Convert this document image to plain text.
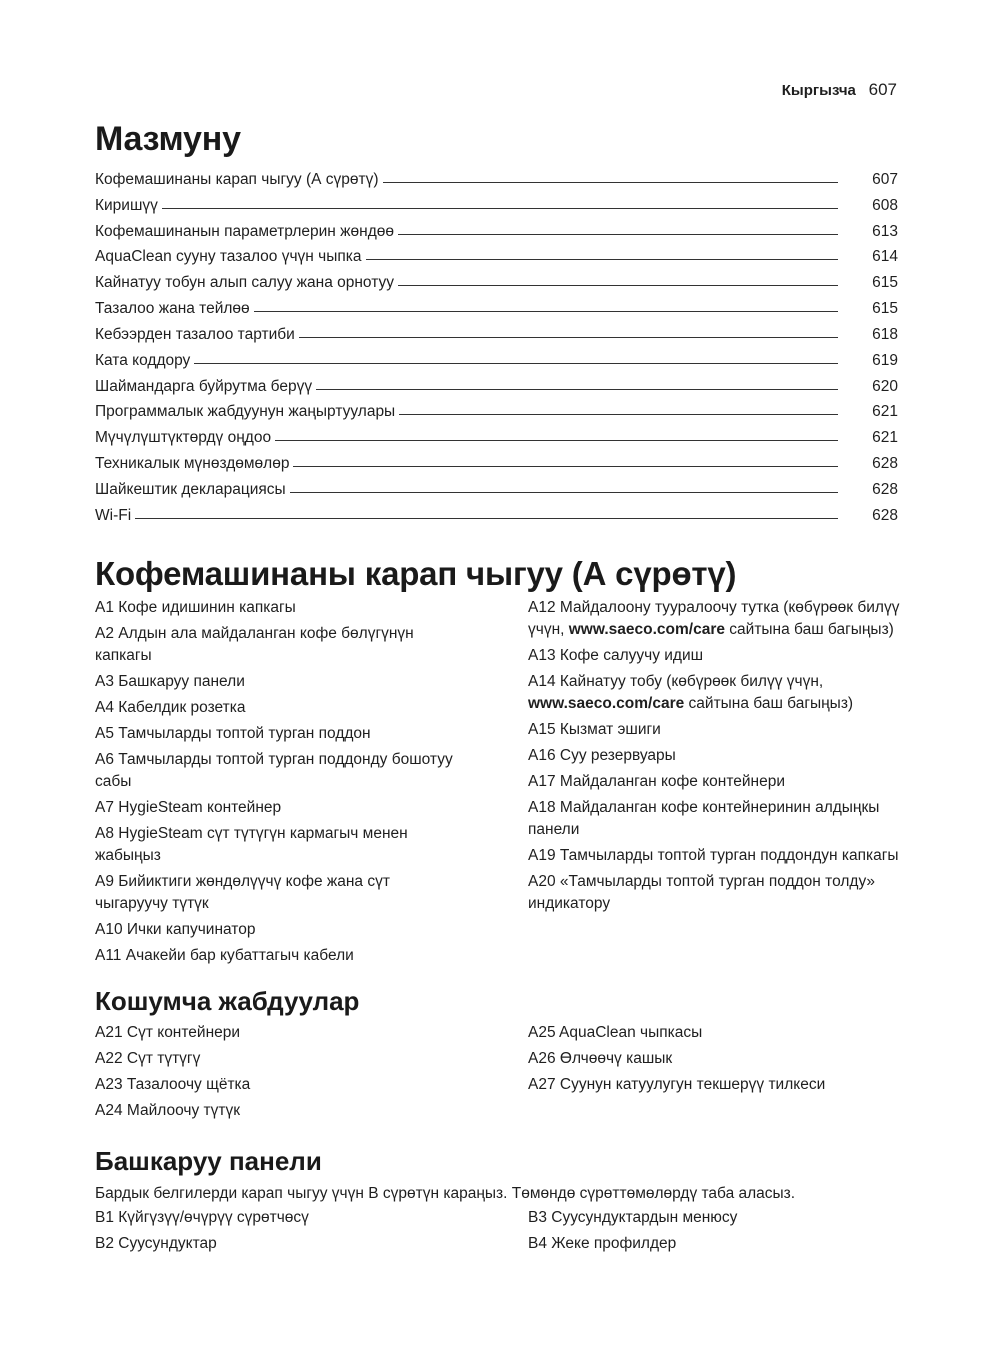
Кыргызча 607
Мазмуну
Кофемашинаны карап чыгуу (А сүрөтү)	607
Киришүү	608
Кофемашинанын параметрлерин жөндөө	613
AquaClean сууну тазалоо үчүн чыпка	614
Кайнатуу тобун алып салуу жана орнотуу	615
Тазалоо жана тейлөө	615
Кебээрден тазалоо тартиби	618
Ката коддору	619
Шаймандарга буйрутма берүү	620
Программалык жабдуунун жаңыртуулары	621
Мүчүлүштүктөрдү оңдоо	621
Техникалык мүнөздөмөлөр	628
Шайкештик декларациясы	628
Wi-Fi	628
Кофемашинаны карап чыгуу (А сүрөтү)
A1 Кофе идишинин капкагы
A2 Алдын ала майдаланган кофе бөлүгүнүн капкагы
A3 Башкаруу панели
A4 Кабелдик розетка
A5 Тамчыларды топтой турган поддон
A6 Тамчыларды топтой турган поддонду бошотуу сабы
A7 HygieSteam контейнер
A8 HygieSteam сүт түтүгүн кармагыч менен жабыңыз
A9 Бийиктиги жөндөлүүчү кофе жана сүт чыгаруучу түтүк
A10 Ички капучинатор
A11 Ачакейи бар кубаттагыч кабели
A12 Майдалоону тууралоочу тутка (көбүрөөк билүү үчүн, www.saeco.com/care сайтына баш багыңыз)
A13 Кофе салуучу идиш
A14 Кайнатуу тобу (көбүрөөк билүү үчүн, www.saeco.com/care сайтына баш багыңыз)
A15 Кызмат эшиги
A16 Суу резервуары
A17 Майдаланган кофе контейнери
A18 Майдаланган кофе контейнеринин алдыңкы панели
A19 Тамчыларды топтой турган поддондун капкагы
A20 «Тамчыларды топтой турган поддон толду» индикатору
Кошумча жабдуулар
A21 Сүт контейнери
A22 Сүт түтүгү
A23 Тазалоочу щётка
A24 Майлоочу түтүк
A25 AquaClean чыпкасы
A26 Өлчөөчү кашык
A27 Суунун катуулугун текшерүү тилкеси
Башкаруу панели
Бардык белгилерди карап чыгуу үчүн В сүрөтүн караңыз. Төмөндө сүрөттөмөлөрдү таба аласыз.
B1 Күйгүзүү/өчүрүү сүрөтчөсү
B2 Суусундуктар
B3 Суусундуктардын менюсу
B4 Жеке профилдер
